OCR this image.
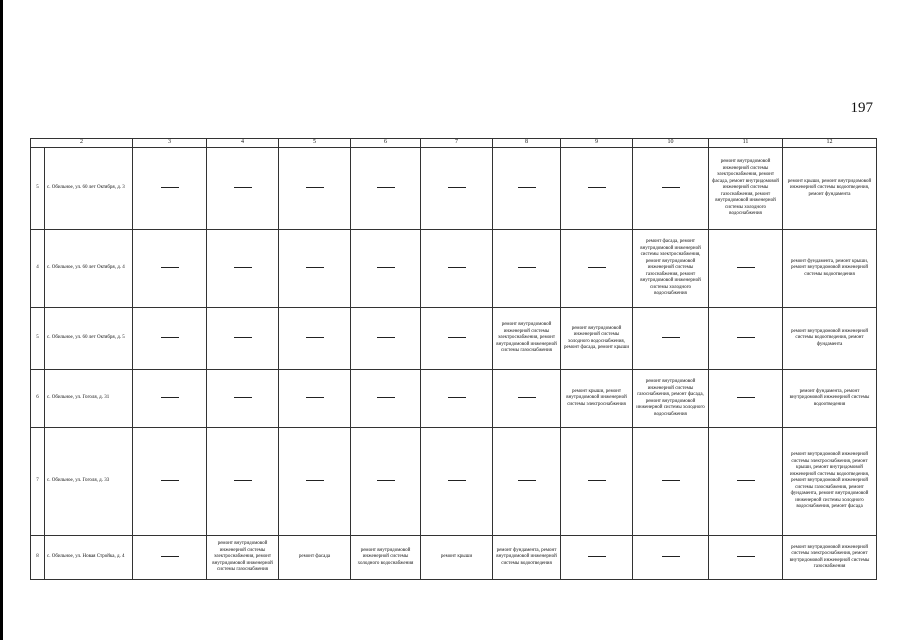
197
2		3	4	5	6	7	8	9	10	11	12
5	с. Обильное, ул. 60 лет Октября, д. 3									ремонт внутридомовой инженерной системы электроснабжения, ремонт фасада, ремонт внутридомовой инженерной системы газоснабжения, ремонт внутридомовой инженерной системы холодного водоснабжения	ремонт крыши, ремонт внутридомовой инженерной системы водоотведения, ремонт фундамента
4	с. Обильное, ул. 60 лет Октября, д. 4								ремонт фасада, ремонт внутридомовой инженерной системы электроснабжения, ремонт внутридомовой инженерной системы газоснабжения, ремонт внутридомовой инженерной системы холодного водоснабжения		ремонт фундамента, ремонт крыши, ремонт внутридомовой инженерной системы водоотведения
5	с. Обильное, ул. 60 лет Октября, д. 5						ремонт внутридомовой инженерной системы электроснабжения, ремонт внутридомовой инженерной системы газоснабжения	ремонт внутридомовой инженерной системы холодного водоснабжения, ремонт фасада, ремонт крыши			ремонт внутридомовой инженерной системы водоотведения, ремонт фундамента
6	с. Обильное, ул. Гоголя, д. 31							ремонт крыши, ремонт внутридомовой инженерной системы электроснабжения	ремонт внутридомовой инженерной системы газоснабжения, ремонт фасада, ремонт внутридомовой инженерной системы холодного водоснабжения		ремонт фундамента, ремонт внутридомовой инженерной системы водоотведения
7	с. Обильное, ул. Гоголя, д. 33										ремонт внутридомовой инженерной системы электроснабжения, ремонт крыши, ремонт внутридомовой инженерной системы водоотведения, ремонт внутридомовой инженерной системы газоснабжения, ремонт фундамента, ремонт внутридомовой инженерной системы холодного водоснабжения, ремонт фасада
8	с. Обильное, ул. Новая Стройка, д. 4		ремонт внутридомовой инженерной системы электроснабжения, ремонт внутридомовой инженерной системы газоснабжения	ремонт фасада	ремонт внутридомовой инженерной системы холодного водоснабжения	ремонт крыши	ремонт фундамента, ремонт внутридомовой инженерной системы водоотведения				ремонт внутридомовой инженерной системы электроснабжения, ремонт внутридомовой инженерной системы газоснабжения
